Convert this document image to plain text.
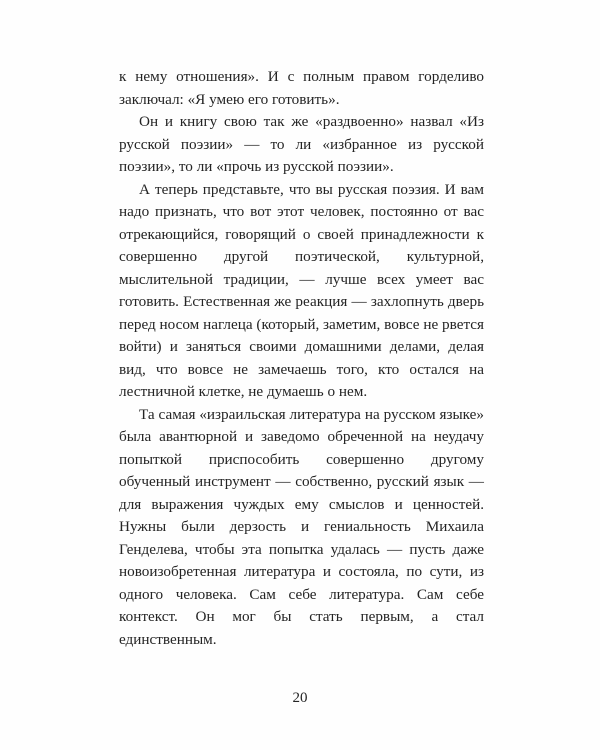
к нему отношения». И с полным правом горделиво заключал: «Я умею его готовить».

Он и книгу свою так же «раздвоенно» назвал «Из русской поэзии» — то ли «избранное из русской поэзии», то ли «прочь из русской поэзии».

А теперь представьте, что вы русская поэзия. И вам надо признать, что вот этот человек, постоянно от вас отрекающийся, говорящий о своей принадлежности к совершенно другой поэтической, культурной, мыслительной традиции, — лучше всех умеет вас готовить. Естественная же реакция — захлопнуть дверь перед носом наглеца (который, заметим, вовсе не рвется войти) и заняться своими домашними делами, делая вид, что вовсе не замечаешь того, кто остался на лестничной клетке, не думаешь о нем.

Та самая «израильская литература на русском языке» была авантюрной и заведомо обреченной на неудачу попыткой приспособить совершенно другому обученный инструмент — собственно, русский язык — для выражения чуждых ему смыслов и ценностей. Нужны были дерзость и гениальность Михаила Генделева, чтобы эта попытка удалась — пусть даже новоизобретенная литература и состояла, по сути, из одного человека. Сам себе литература. Сам себе контекст. Он мог бы стать первым, а стал единственным.

20
